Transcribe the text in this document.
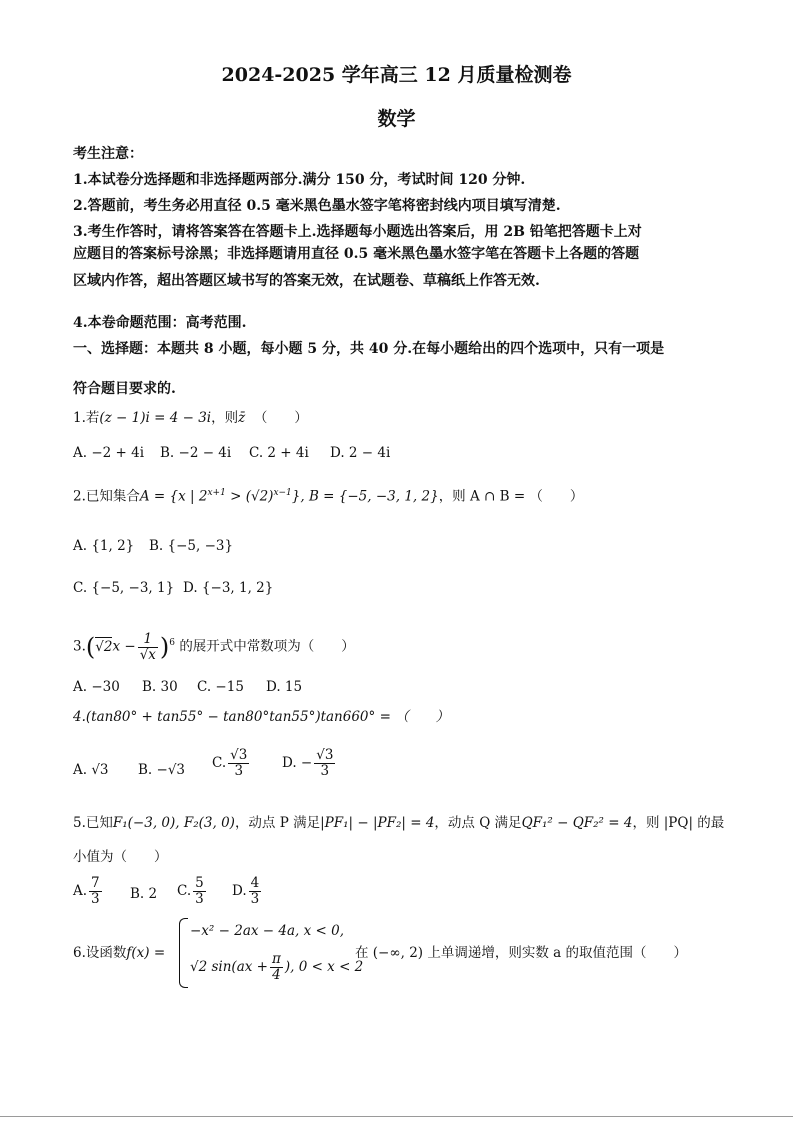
2024-2025 学年高三 12 月质量检测卷
数学
考生注意：
1.本试卷分选择题和非选择题两部分.满分 150 分，考试时间 120 分钟.
2.答题前，考生务必用直径 0.5 毫米黑色墨水签字笔将密封线内项目填写清楚.
3.考生作答时，请将答案答在答题卡上.选择题每小题选出答案后，用 2B 铅笔把答题卡上对
应题目的答案标号涂黑；非选择题请用直径 0.5 毫米黑色墨水签字笔在答题卡上各题的答题
区域内作答，超出答题区域书写的答案无效，在试题卷、草稿纸上作答无效.
4.本卷命题范围：高考范围.
一、选择题：本题共 8 小题，每小题 5 分，共 40 分.在每小题给出的四个选项中，只有一项是
符合题目要求的.
1.若(z − 1)i = 4 − 3i，则z̄ （　　）
A. −2 + 4i B. −2 − 4i C. 2 + 4i D. 2 − 4i
2.已知集合A = {x | $2^{x+1} > (√2)^{x-1}$}, B = {−5, −3, 1, 2}，则 A ∩ B = （　　）
A. {1, 2} B. {−5, −3}
C. {−5, −3, 1} D. {−3, 1, 2}
$3.(√2x - \frac{1}{√x} )^6$ 的展开式中常数项为（　　）
A. −30 B. 30 C. −15 D. 15
4.(tan80° + tan55° − tan80°tan55°)tan660° = （　　）
A. √3 B. −√3 C. $\frac{√3}{3} D$. − $\frac{√3}{3}$
5.已知F₁(−3, 0), F₂(3, 0)，动点 P 满足|PF₁| − |PF₂| = 4，动点 Q 满足QF₁² − QF₂² = 4，则 |PQ| 的最
小值为（　　）
A. $\frac{7}{3} B$. 2 C. $\frac{5}{3} D$. $\frac{4}{3}$
6.设函数f(x) =
−x² − 2ax − 4a, x < 0,
√2 $\sin(ax + \frac{\pi}{4}$ ), 0 < x < 2
在 (−∞, 2) 上单调递增，则实数 a 的取值范围（　　）
